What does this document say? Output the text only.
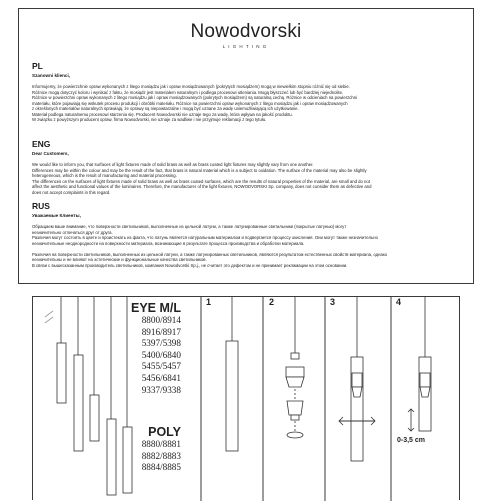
Nowodvorski
LIGHTING
PL
Szanowni klienci,

Informujemy, że powierzchnie opraw wykonanych z litego mosiądzu jak i opraw mosiądzowanych (pokrytych mosiądzem) mogą w niewielkim stopniu różnić się od siebie.
Różnice mogą dotyczyć koloru i wynikać z faktu, że mosiądz jest materiałem naturalnym i podlega procesowi utleniania. Mogą błyszczeć lub być bardziej niejednolite.
Różnice w powierzchni opraw wykonanych z litego mosiądzu jak i opraw mosiądzowanych (pokrytych mosiądzem) są naturalną cechą. Różnice w odcieniach na powierzchni
materiału, które pojawiają się wskutek procesu produkcji i obróbki materiału. Różnice na powierzchni opraw wykonanych z litego mosiądzu jak i opraw mosiądzowanych
z określonych materiałów naturalnych sprawiają, że oprawy są niepowtarzalne i mogą być uznane za wadę uniemożliwiającą ich użytkowanie.
Materiał podlega naturalnemu procesowi starzenia się. Producent Nowodvorski nie uznaje tego za wadę, która wpływa na jakość produktu.
W związku z powyższym producent opraw, firma Nowodvorski, nie uznaje za wadliwe i nie przyjmuje reklamacji z tego tytułu.

ENG
Dear Customers,

We would like to inform you, that surfaces of light fixtures made of solid brass as well as brass coated light fixtures may slightly vary from one another.
Differences may be within the colour and may be the result of the fact, that brass is natural material which is a subject to oxidation. The surface of the material may also be slightly
heterogeneous, which is the result of manufacturing and material processing.
The differences on the surfaces of light fixtures made of solid brass as well as brass coated surfaces, which are the results of natural properties of the material, are small and do not
affect the aesthetic and functional values of the luminaires. Therefore, the manufacturer of the light fixtures, NOWODVORSKI Sp. company, does not consider them as defective and
does not accept complaints in this regard.

RUS
Уважаемые Клиенты,

Обращаем ваше внимание, что поверхности светильников, выполненные из цельной латуни, а также латунированные светильники (покрытые латунью) могут
незначительно отличаться друг от друга.
Различия могут состоять в цвете и проистекать из факта, что латунь является натуральным материалом и подвергается процессу окисления. Они могут также незначительно
незначительные неоднородности на поверхности материала, возникающие в результате процесса производства и обработки материала.

Различия на поверхности светильников, выполненных из цельной латуни, а также латунированных светильников, являются результатом естественных свойств материала, однако
незначительны и не влияют на эстетические и функциональные качества светильников.
В связи с вышесказанным производитель светильников, компания Nowodvorski Sp.j., не считает это дефектом и не принимает рекламации на этом основании.

EYE M/L
8800/8914
8916/8917
5397/5398
5400/6840
5455/5457
5456/6841
9337/9338
POLY
8880/8881
8882/8883
8884/8885
1	2	3	4
0-3,5 cm
